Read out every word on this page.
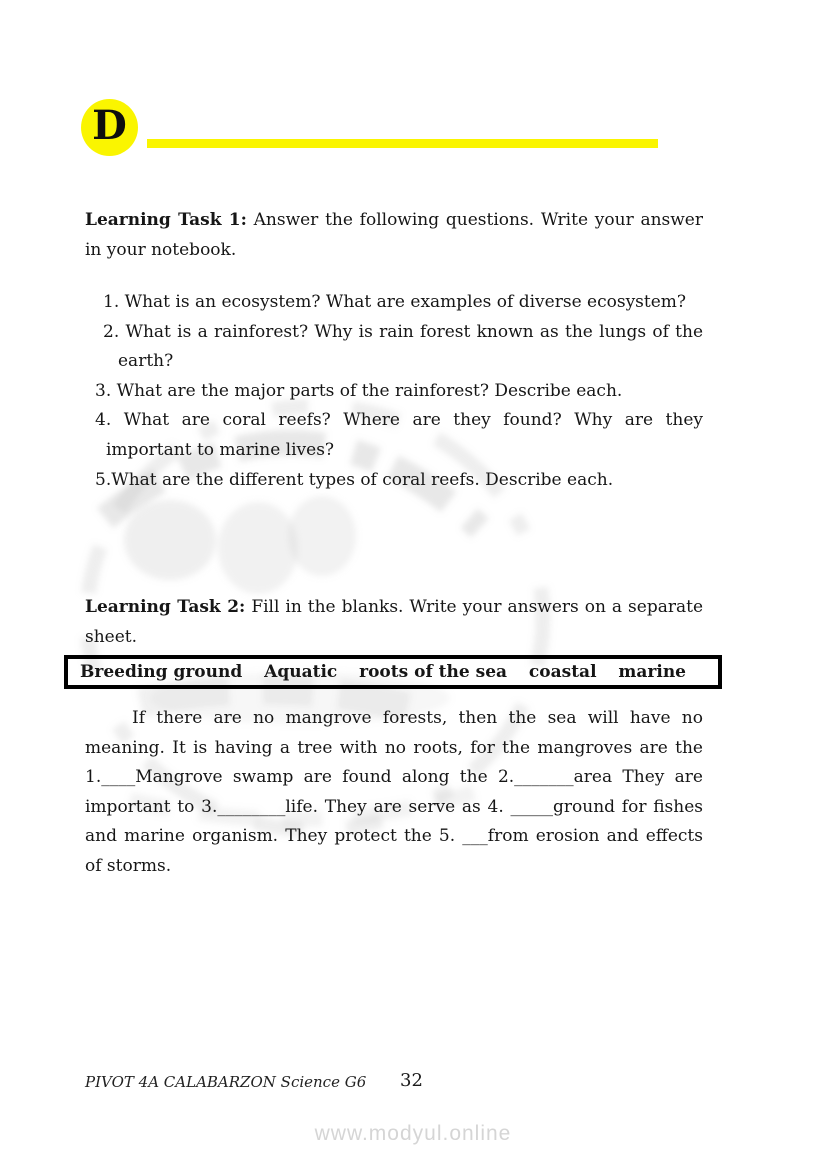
D

Learning Task 1: Answer the following questions. Write your answer in your notebook.

1. What is an ecosystem? What are examples of diverse ecosystem?
2. What is a rainforest? Why is rain forest known as the lungs of the earth?
3. What are the major parts of the rainforest? Describe each.
4. What are coral reefs? Where are they found? Why are they important to marine lives?
5.What are the different types of coral reefs. Describe each.

Learning Task 2: Fill in the blanks. Write your answers on a separate sheet.

Breeding ground Aquatic roots of the sea coastal marine

If there are no mangrove forests, then the sea will have no meaning. It is having a tree with no roots, for the mangroves are the 1.____Mangrove swamp are found along the 2._______area They are important to 3.________life. They are serve as 4. _____ground for fishes and marine organism. They protect the 5. ___from erosion and effects of storms.

PIVOT 4A CALABARZON Science G6 32
www.modyul.online
